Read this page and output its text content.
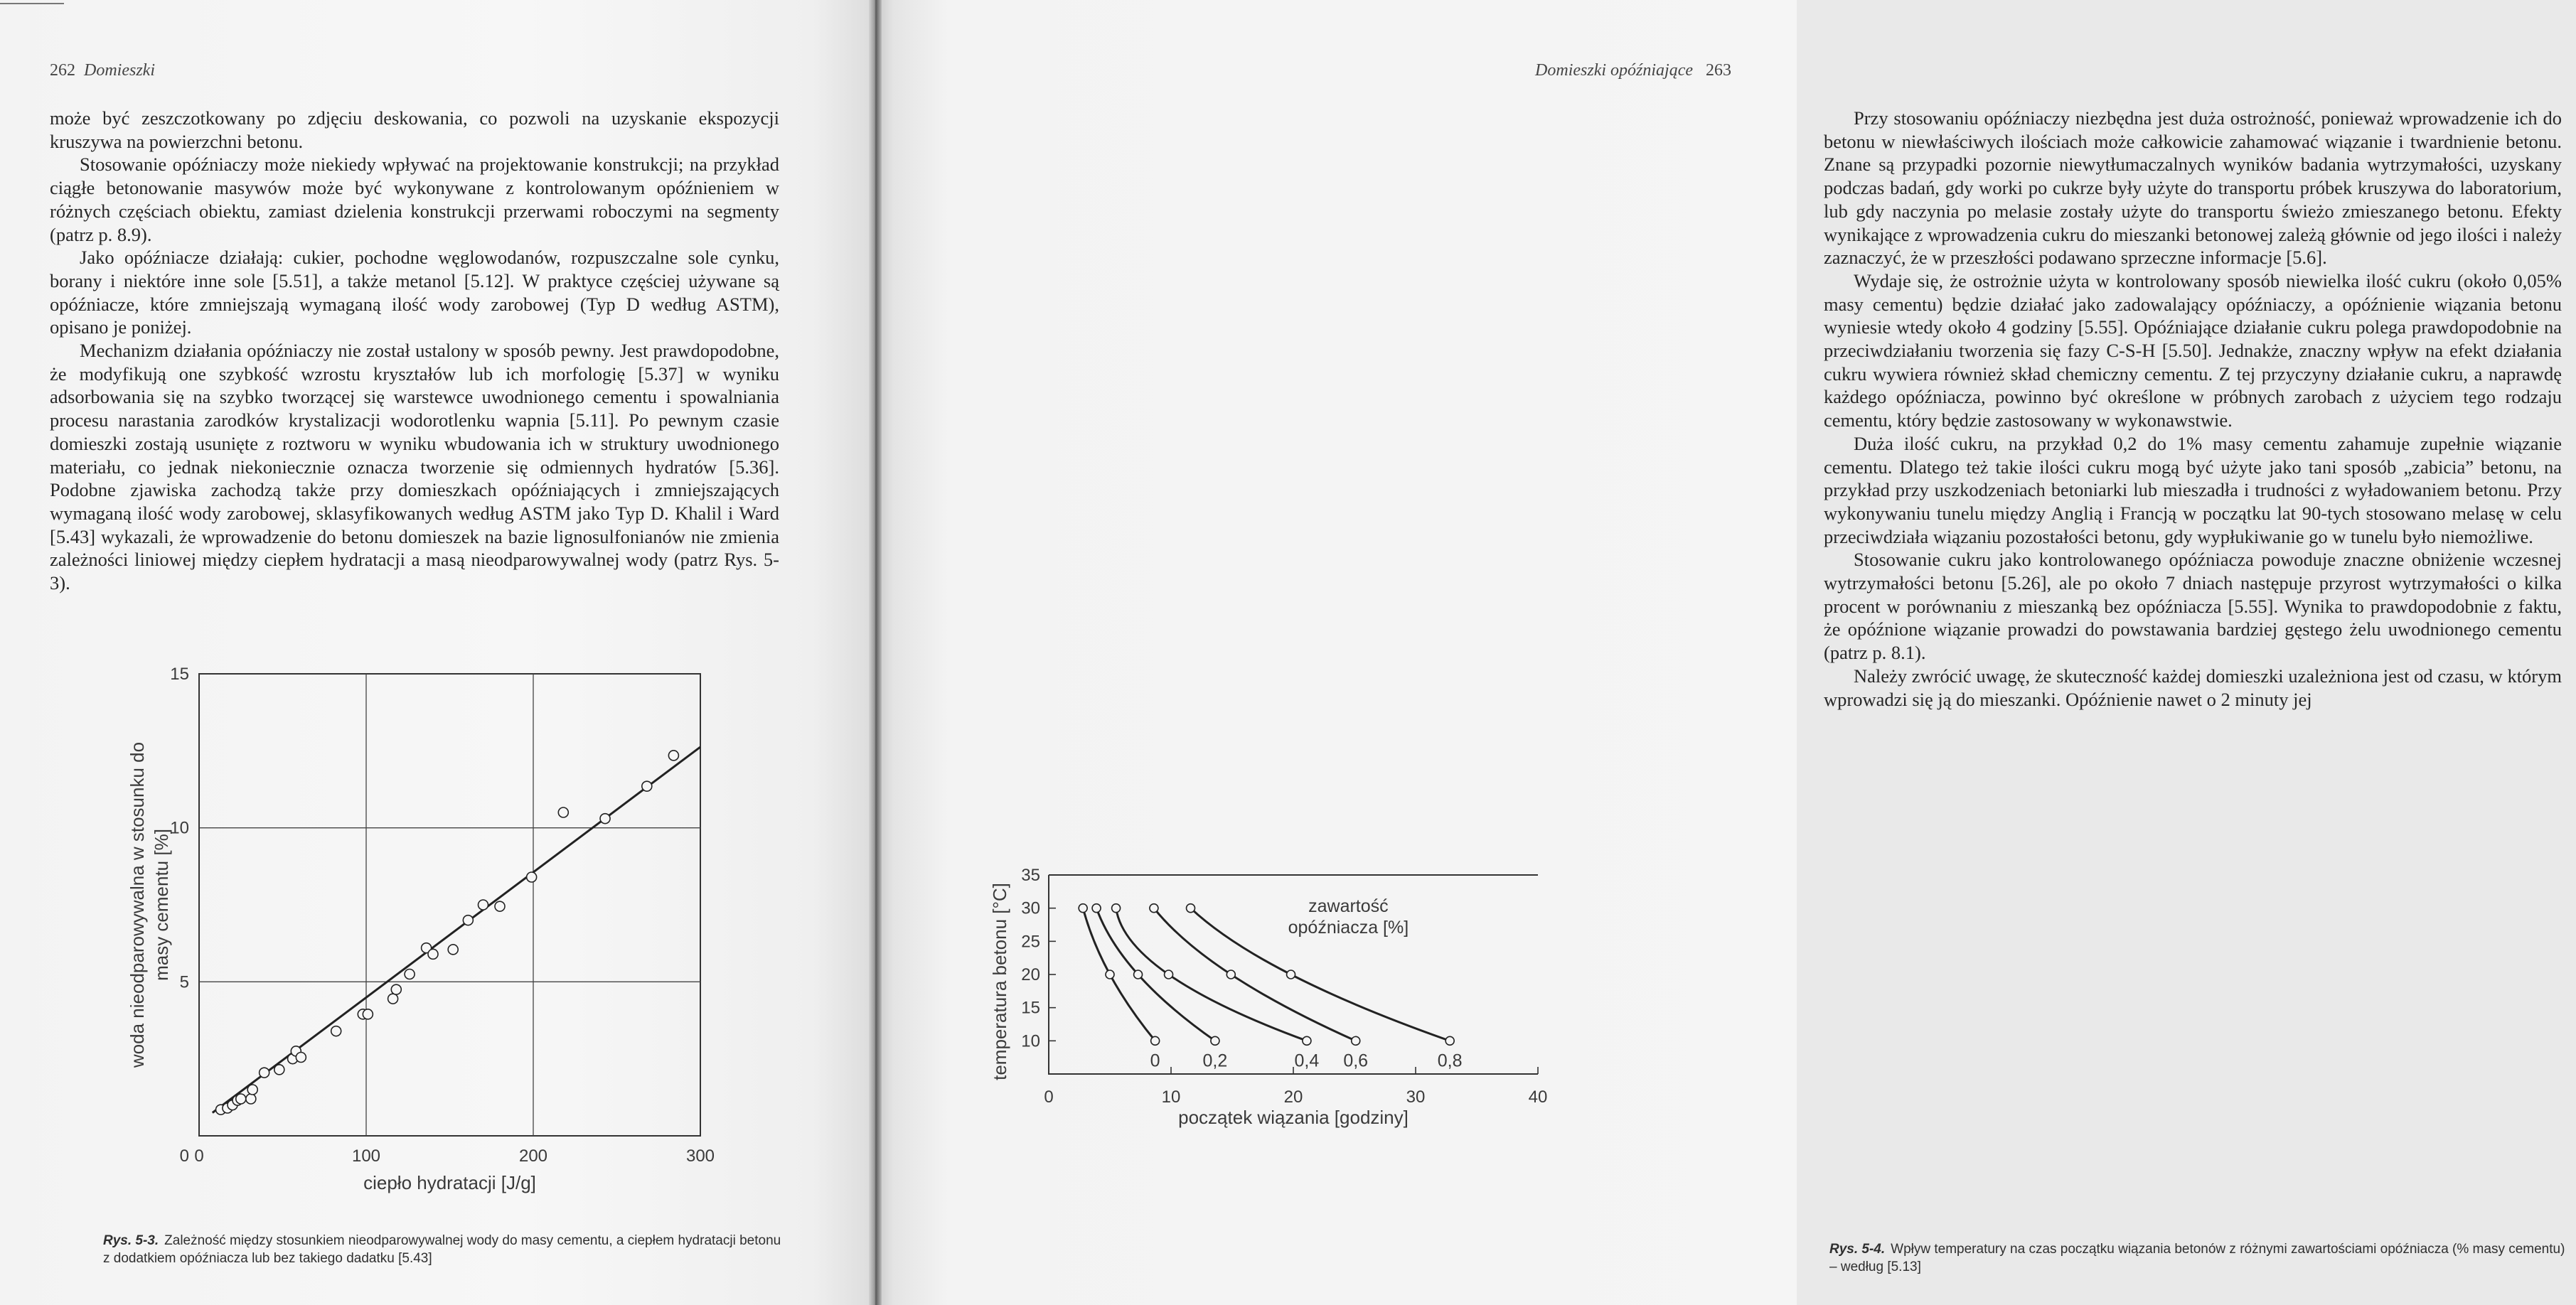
262 Domieszki

może być zeszczotkowany po zdjęciu deskowania, co pozwoli na uzyskanie ekspozycji kruszywa na powierzchni betonu.

Stosowanie opóźniaczy może niekiedy wpływać na projektowanie konstrukcji; na przykład ciągłe betonowanie masywów może być wykonywane z kontrolowanym opóźnieniem w różnych częściach obiektu, zamiast dzielenia konstrukcji przerwami roboczymi na segmenty (patrz p. 8.9).

Jako opóźniacze działają: cukier, pochodne węglowodanów, rozpuszczalne sole cynku, borany i niektóre inne sole [5.51], a także metanol [5.12]. W praktyce częściej używane są opóźniacze, które zmniejszają wymaganą ilość wody zarobowej (Typ D według ASTM), opisano je poniżej.

Mechanizm działania opóźniaczy nie został ustalony w sposób pewny. Jest prawdopodobne, że modyfikują one szybkość wzrostu kryształów lub ich morfologię [5.37] w wyniku adsorbowania się na szybko tworzącej się warstewce uwodnionego cementu i spowalniania procesu narastania zarodków krystalizacji wodorotlenku wapnia [5.11]. Po pewnym czasie domieszki zostają usunięte z roztworu w wyniku wbudowania ich w struktury uwodnionego materiału, co jednak niekoniecznie oznacza tworzenie się odmiennych hydratów [5.36]. Podobne zjawiska zachodzą także przy domieszkach opóźniających i zmniejszających wymaganą ilość wody zarobowej, sklasyfikowanych według ASTM jako Typ D. Khalil i Ward [5.43] wykazali, że wprowadzenie do betonu domieszek na bazie lignosulfonianów nie zmienia zależności liniowej między ciepłem hydratacji a masą nieodparowywalnej wody (patrz Rys. 5-3).

0	100	200	300
0
5
10
15
ciepło hydratacji [J/g]
woda nieodparowywalna w stosunku do masy cementu [%]
Rys. 5-3. Zależność między stosunkiem nieodparowywalnej wody do masy cementu, a ciepłem hydratacji betonu z dodatkiem opóźniacza lub bez takiego dadatku [5.43]
Domieszki opóźniające 263

Przy stosowaniu opóźniaczy niezbędna jest duża ostrożność, ponieważ wprowadzenie ich do betonu w niewłaściwych ilościach może całkowicie zahamować wiązanie i twardnienie betonu. Znane są przypadki pozornie niewytłumaczalnych wyników badania wytrzymałości, uzyskany podczas badań, gdy worki po cukrze były użyte do transportu próbek kruszywa do laboratorium, lub gdy naczynia po melasie zostały użyte do transportu świeżo zmieszanego betonu. Efekty wynikające z wprowadzenia cukru do mieszanki betonowej zależą głównie od jego ilości i należy zaznaczyć, że w przeszłości podawano sprzeczne informacje [5.6].

Wydaje się, że ostrożnie użyta w kontrolowany sposób niewielka ilość cukru (około 0,05% masy cementu) będzie działać jako zadowalający opóźniaczy, a opóźnienie wiązania betonu wyniesie wtedy około 4 godziny [5.55]. Opóźniające działanie cukru polega prawdopodobnie na przeciwdziałaniu tworzenia się fazy C-S-H [5.50]. Jednakże, znaczny wpływ na efekt działania cukru wywiera również skład chemiczny cementu. Z tej przyczyny działanie cukru, a naprawdę każdego opóźniacza, powinno być określone w próbnych zarobach z użyciem tego rodzaju cementu, który będzie zastosowany w wykonawstwie.

Duża ilość cukru, na przykład 0,2 do 1% masy cementu zahamuje zupełnie wiązanie cementu. Dlatego też takie ilości cukru mogą być użyte jako tani sposób „zabicia” betonu, na przykład przy uszkodzeniach betoniarki lub mieszadła i trudności z wyładowaniem betonu. Przy wykonywaniu tunelu między Anglią i Francją w początku lat 90-tych stosowano melasę w celu przeciwdziała wiązaniu pozostałości betonu, gdy wypłukiwanie go w tunelu było niemożliwe.

Stosowanie cukru jako kontrolowanego opóźniacza powoduje znaczne obniżenie wczesnej wytrzymałości betonu [5.26], ale po około 7 dniach następuje przyrost wytrzymałości o kilka procent w porównaniu z mieszanką bez opóźniacza [5.55]. Wynika to prawdopodobnie z faktu, że opóźnione wiązanie prowadzi do powstawania bardziej gęstego żelu uwodnionego cementu (patrz p. 8.1).

Należy zwrócić uwagę, że skuteczność każdej domieszki uzależniona jest od czasu, w którym wprowadzi się ją do mieszanki. Opóźnienie nawet o 2 minuty jej

10
15
20
25
30
35
0	10	20	30	40
początek wiązania [godziny]
temperatura betonu [°C]	zawartość
opóźniacza [%]
0 0,2	0,4 0,6	0,8
Rys. 5-4. Wpływ temperatury na czas początku wiązania betonów z różnymi zawartościami opóźniacza (% masy cementu) – według [5.13]
